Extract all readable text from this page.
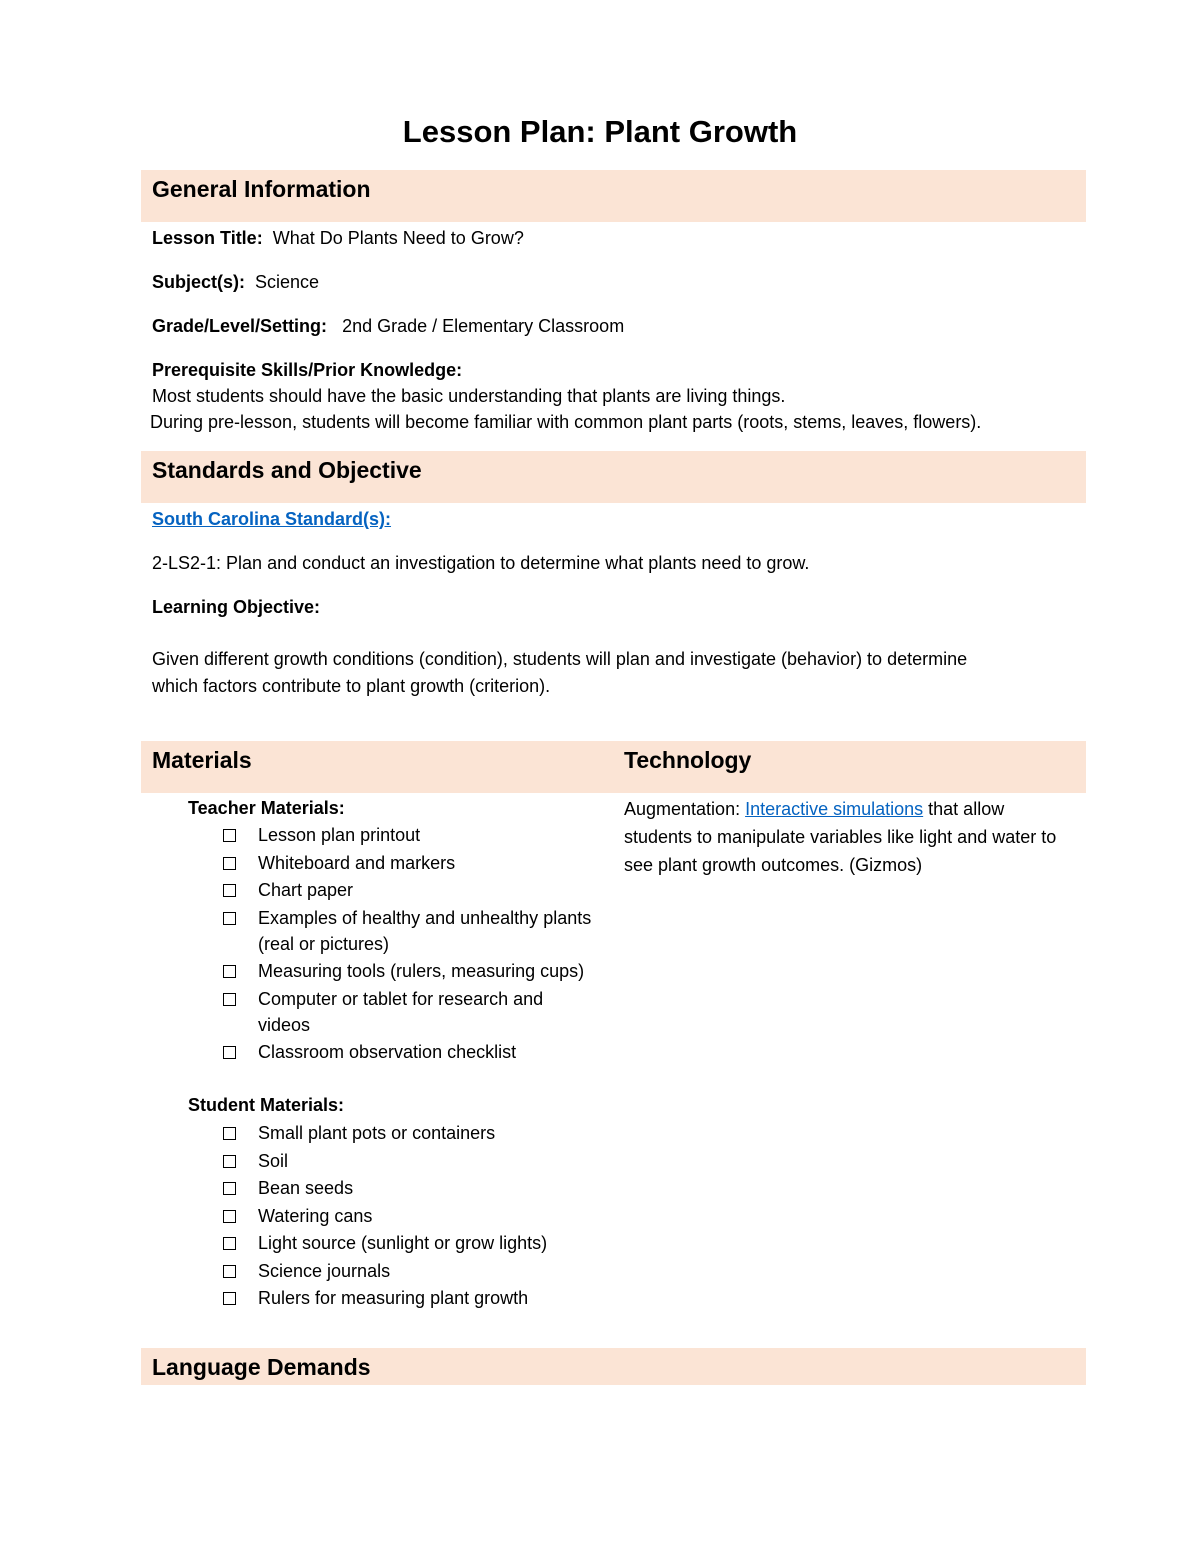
Lesson Plan: Plant Growth
General Information
Lesson Title: What Do Plants Need to Grow?
Subject(s): Science
Grade/Level/Setting: 2nd Grade / Elementary Classroom
Prerequisite Skills/Prior Knowledge:
Most students should have the basic understanding that plants are living things.
During pre-lesson, students will become familiar with common plant parts (roots, stems, leaves, flowers).
Standards and Objective
South Carolina Standard(s):
2-LS2-1: Plan and conduct an investigation to determine what plants need to grow.
Learning Objective:
Given different growth conditions (condition), students will plan and investigate (behavior) to determine
which factors contribute to plant growth (criterion).
Materials	Technology
Teacher Materials:
Lesson plan printout
Whiteboard and markers
Chart paper
Examples of healthy and unhealthy plants (real or pictures)
Measuring tools (rulers, measuring cups)
Computer or tablet for research and videos
Classroom observation checklist
Student Materials:
Small plant pots or containers
Soil
Bean seeds
Watering cans
Light source (sunlight or grow lights)
Science journals
Rulers for measuring plant growth
Augmentation: Interactive simulations that allow students to manipulate variables like light and water to see plant growth outcomes. (Gizmos)
Language Demands
